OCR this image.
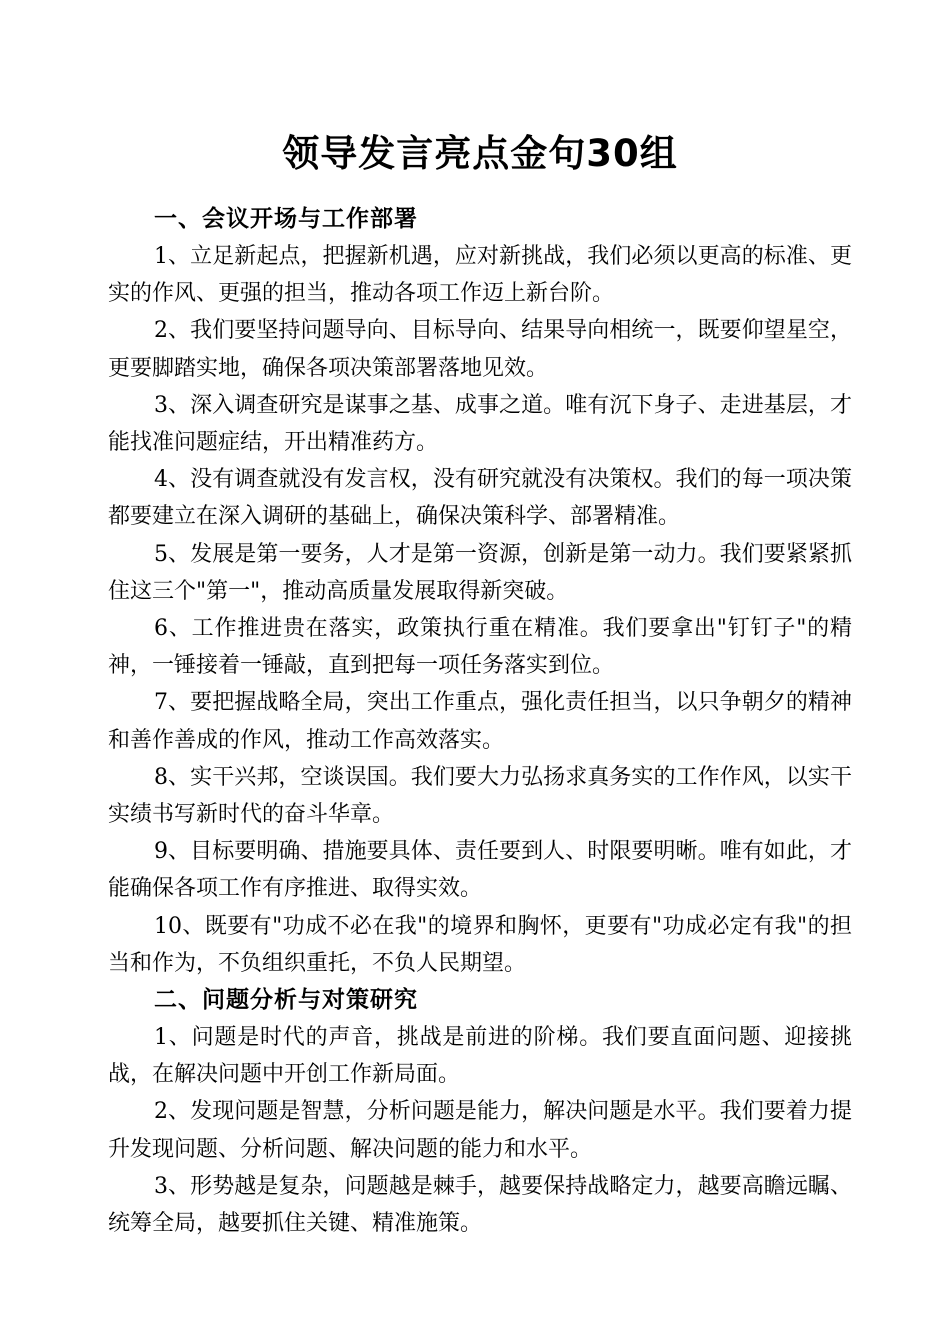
领导发言亮点金句30组

一、会议开场与工作部署

1、立足新起点，把握新机遇，应对新挑战，我们必须以更高的标准、更实的作风、更强的担当，推动各项工作迈上新台阶。

2、我们要坚持问题导向、目标导向、结果导向相统一，既要仰望星空，更要脚踏实地，确保各项决策部署落地见效。

3、深入调查研究是谋事之基、成事之道。唯有沉下身子、走进基层，才能找准问题症结，开出精准药方。

4、没有调查就没有发言权，没有研究就没有决策权。我们的每一项决策都要建立在深入调研的基础上，确保决策科学、部署精准。

5、发展是第一要务，人才是第一资源，创新是第一动力。我们要紧紧抓住这三个"第一"，推动高质量发展取得新突破。

6、工作推进贵在落实，政策执行重在精准。我们要拿出"钉钉子"的精神，一锤接着一锤敲，直到把每一项任务落实到位。

7、要把握战略全局，突出工作重点，强化责任担当，以只争朝夕的精神和善作善成的作风，推动工作高效落实。

8、实干兴邦，空谈误国。我们要大力弘扬求真务实的工作作风，以实干实绩书写新时代的奋斗华章。

9、目标要明确、措施要具体、责任要到人、时限要明晰。唯有如此，才能确保各项工作有序推进、取得实效。

10、既要有"功成不必在我"的境界和胸怀，更要有"功成必定有我"的担当和作为，不负组织重托，不负人民期望。

二、问题分析与对策研究

1、问题是时代的声音，挑战是前进的阶梯。我们要直面问题、迎接挑战，在解决问题中开创工作新局面。

2、发现问题是智慧，分析问题是能力，解决问题是水平。我们要着力提升发现问题、分析问题、解决问题的能力和水平。

3、形势越是复杂，问题越是棘手，越要保持战略定力，越要高瞻远瞩、统筹全局，越要抓住关键、精准施策。
